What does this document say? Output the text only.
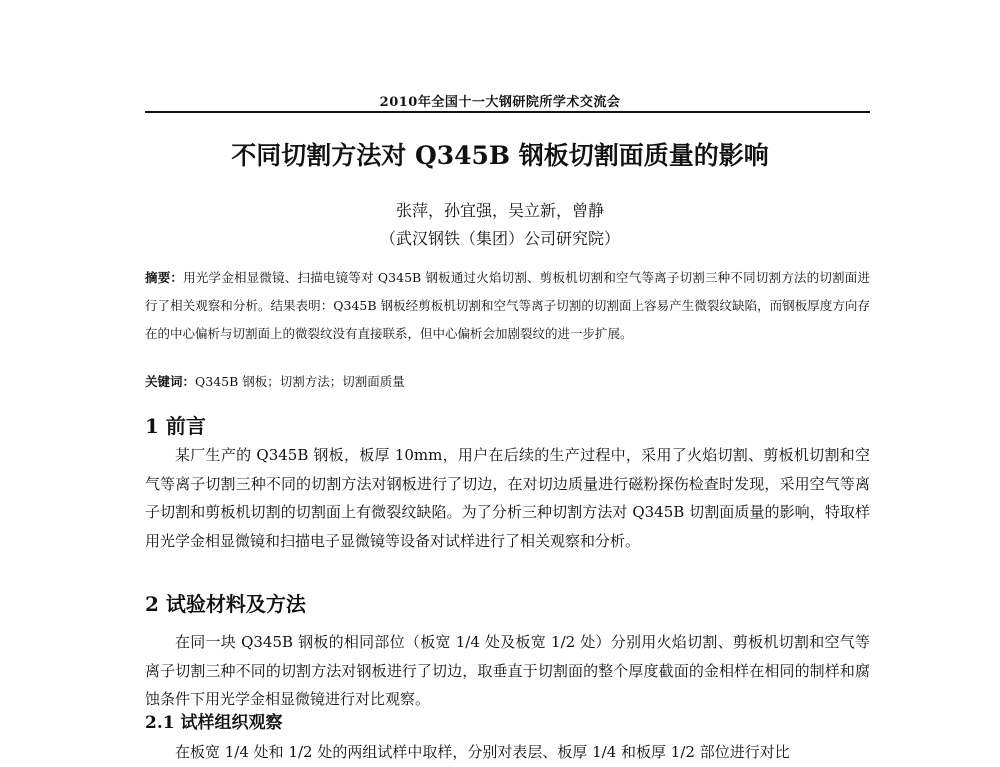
2010年全国十一大钢研院所学术交流会
不同切割方法对 Q345B 钢板切割面质量的影响
张萍，孙宜强，吴立新，曾静
（武汉钢铁（集团）公司研究院）
摘要：用光学金相显微镜、扫描电镜等对 Q345B 钢板通过火焰切割、剪板机切割和空气等离子切割三种不同切割方法的切割面进行了相关观察和分析。结果表明：Q345B 钢板经剪板机切割和空气等离子切割的切割面上容易产生微裂纹缺陷，而钢板厚度方向存在的中心偏析与切割面上的微裂纹没有直接联系，但中心偏析会加剧裂纹的进一步扩展。
关键词：Q345B 钢板；切割方法；切割面质量
1 前言
某厂生产的 Q345B 钢板，板厚 10mm，用户在后续的生产过程中，采用了火焰切割、剪板机切割和空气等离子切割三种不同的切割方法对钢板进行了切边，在对切边质量进行磁粉探伤检查时发现，采用空气等离子切割和剪板机切割的切割面上有微裂纹缺陷。为了分析三种切割方法对 Q345B 切割面质量的影响，特取样用光学金相显微镜和扫描电子显微镜等设备对试样进行了相关观察和分析。
2 试验材料及方法
在同一块 Q345B 钢板的相同部位（板宽 1/4 处及板宽 1/2 处）分别用火焰切割、剪板机切割和空气等离子切割三种不同的切割方法对钢板进行了切边，取垂直于切割面的整个厚度截面的金相样在相同的制样和腐蚀条件下用光学金相显微镜进行对比观察。
2.1 试样组织观察
在板宽 1/4 处和 1/2 处的两组试样中取样，分别对表层、板厚 1/4 和板厚 1/2 部位进行对比
